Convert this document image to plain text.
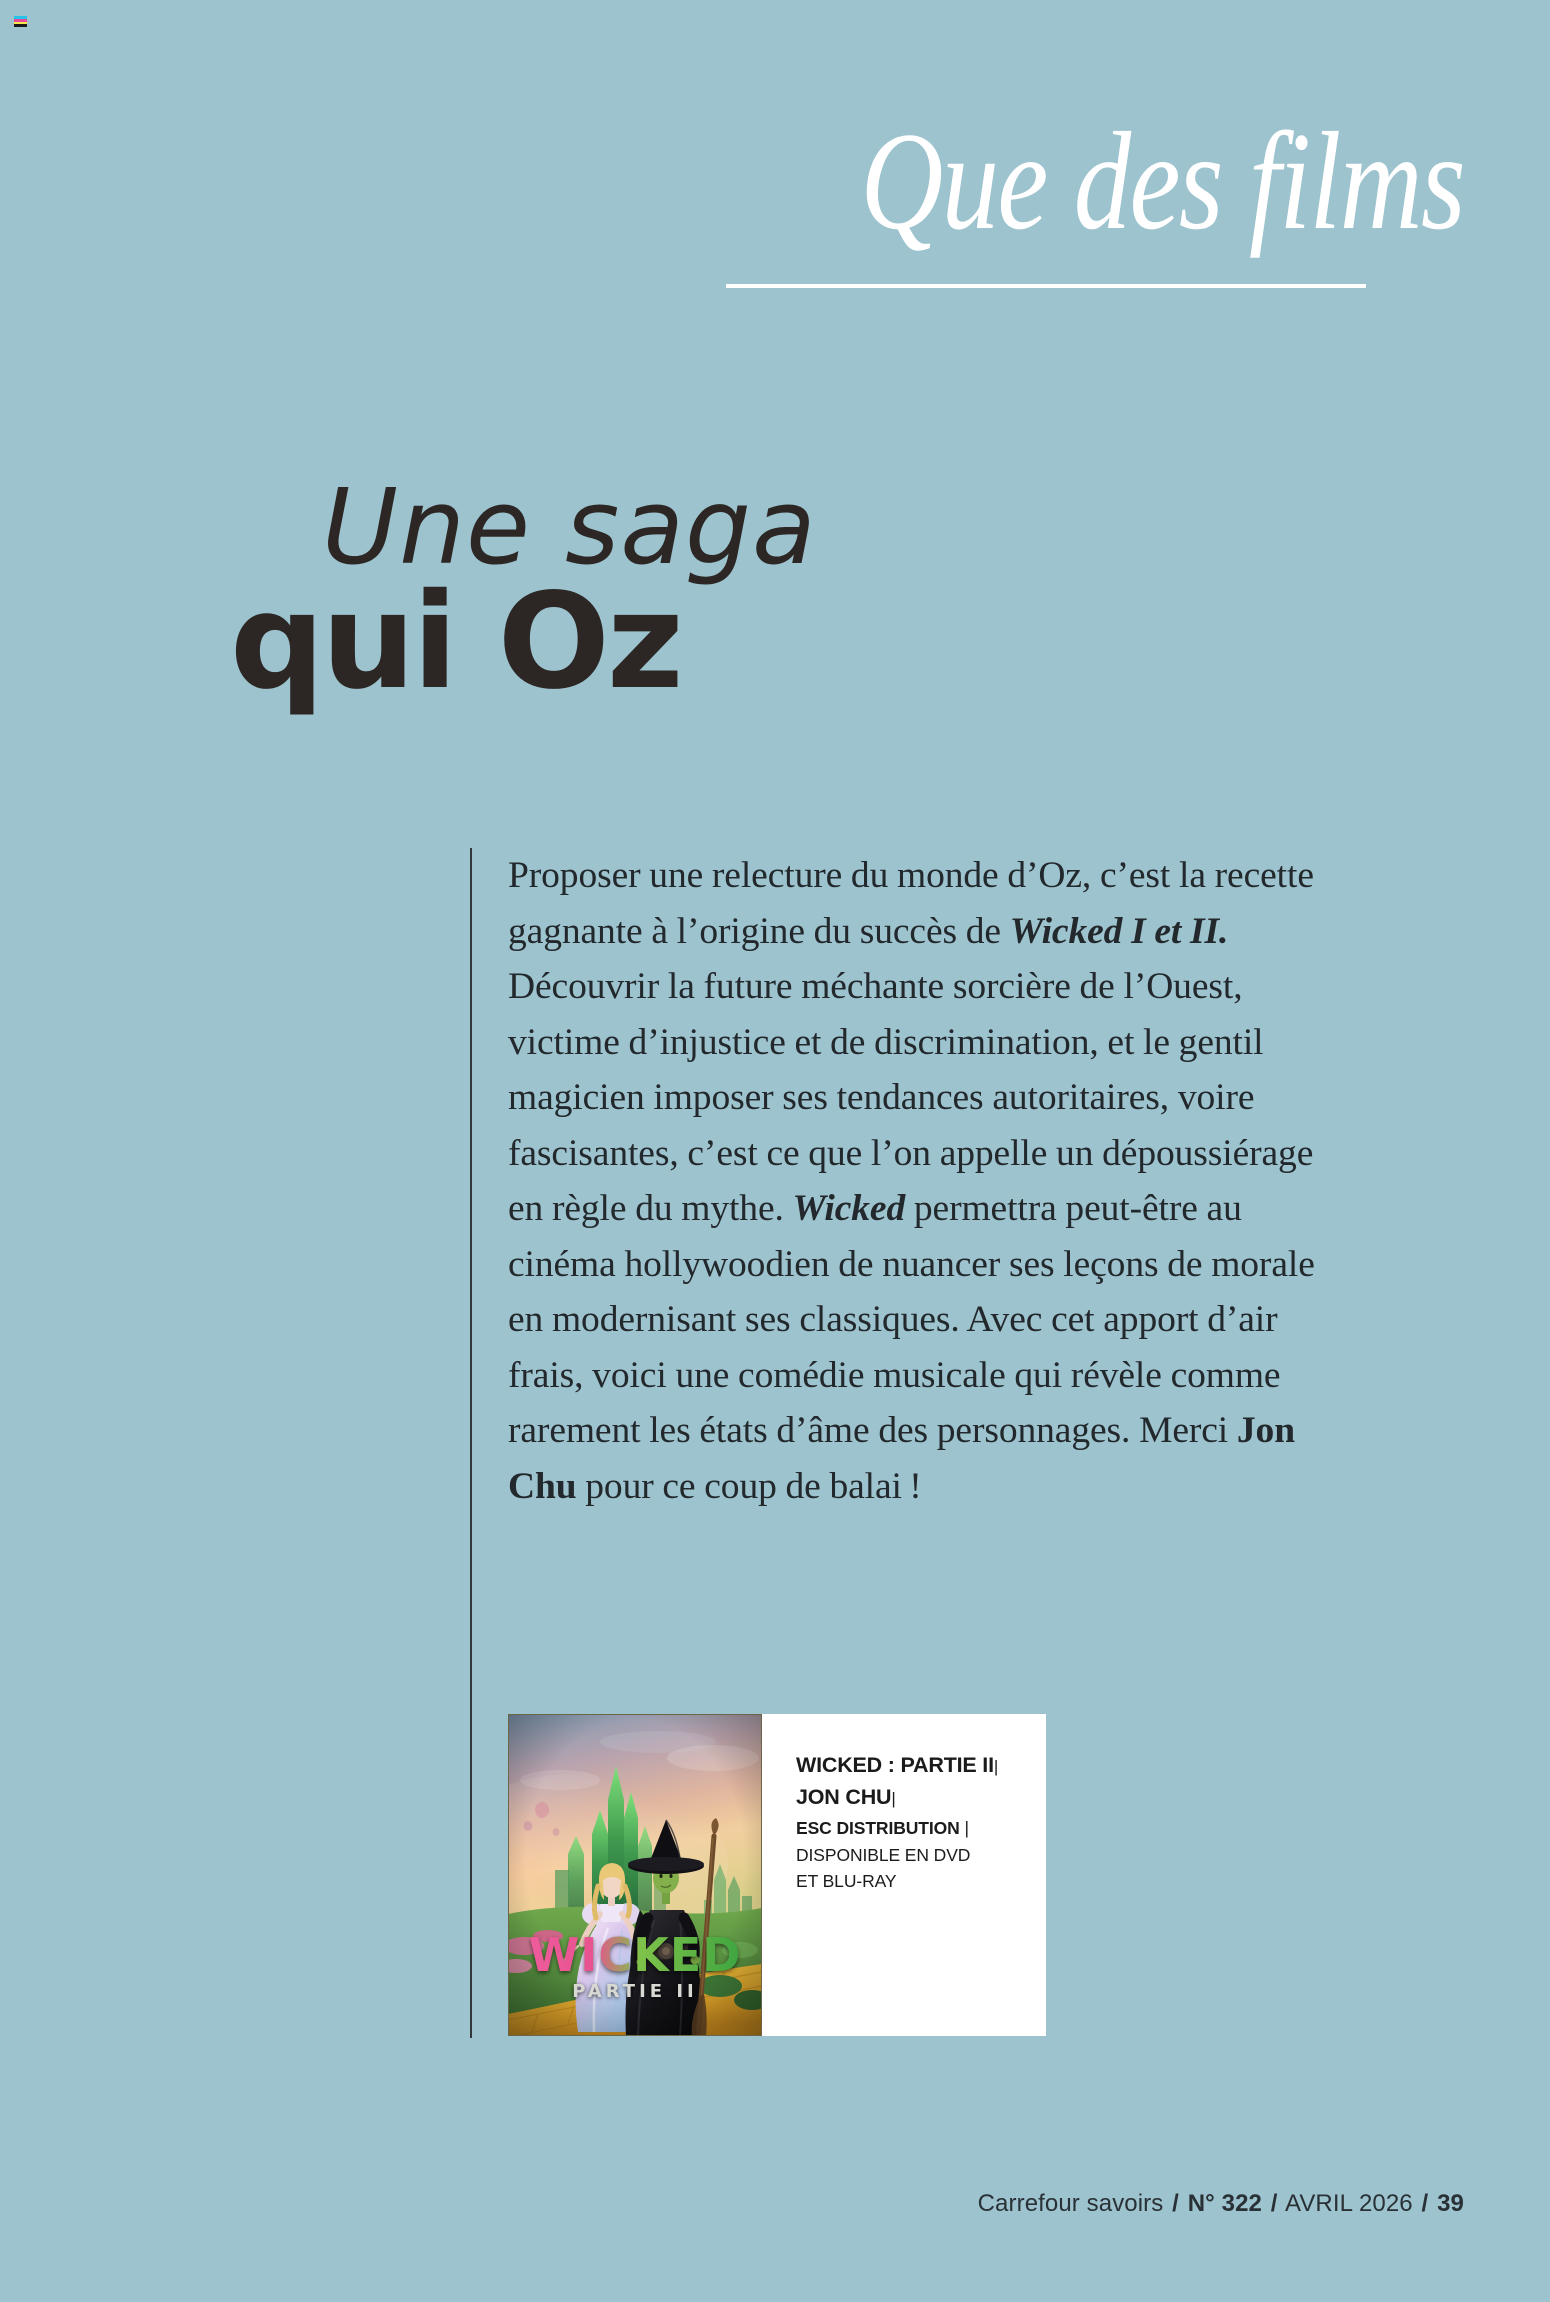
Que des films
Une saga
qui Oz

Proposer une relecture du monde d’Oz, c’est la recette gagnante à l’origine du succès de Wicked I et II. Découvrir la future méchante sorcière de l’Ouest, victime d’injustice et de discrimination, et le gentil magicien imposer ses tendances autoritaires, voire fascisantes, c’est ce que l’on appelle un dépoussiérage en règle du mythe. Wicked permettra peut-être au cinéma hollywoodien de nuancer ses leçons de morale en modernisant ses classiques. Avec cet apport d’air frais, voici une comédie musicale qui révèle comme rarement les états d’âme des personnages. Merci Jon Chu pour ce coup de balai !

PARTIE II
WICKED : PARTIE II|
JON CHU|
ESC DISTRIBUTION |
DISPONIBLE EN DVD
ET BLU-RAY
Carrefour savoirs / N° 322 / AVRIL 2026 / 39
